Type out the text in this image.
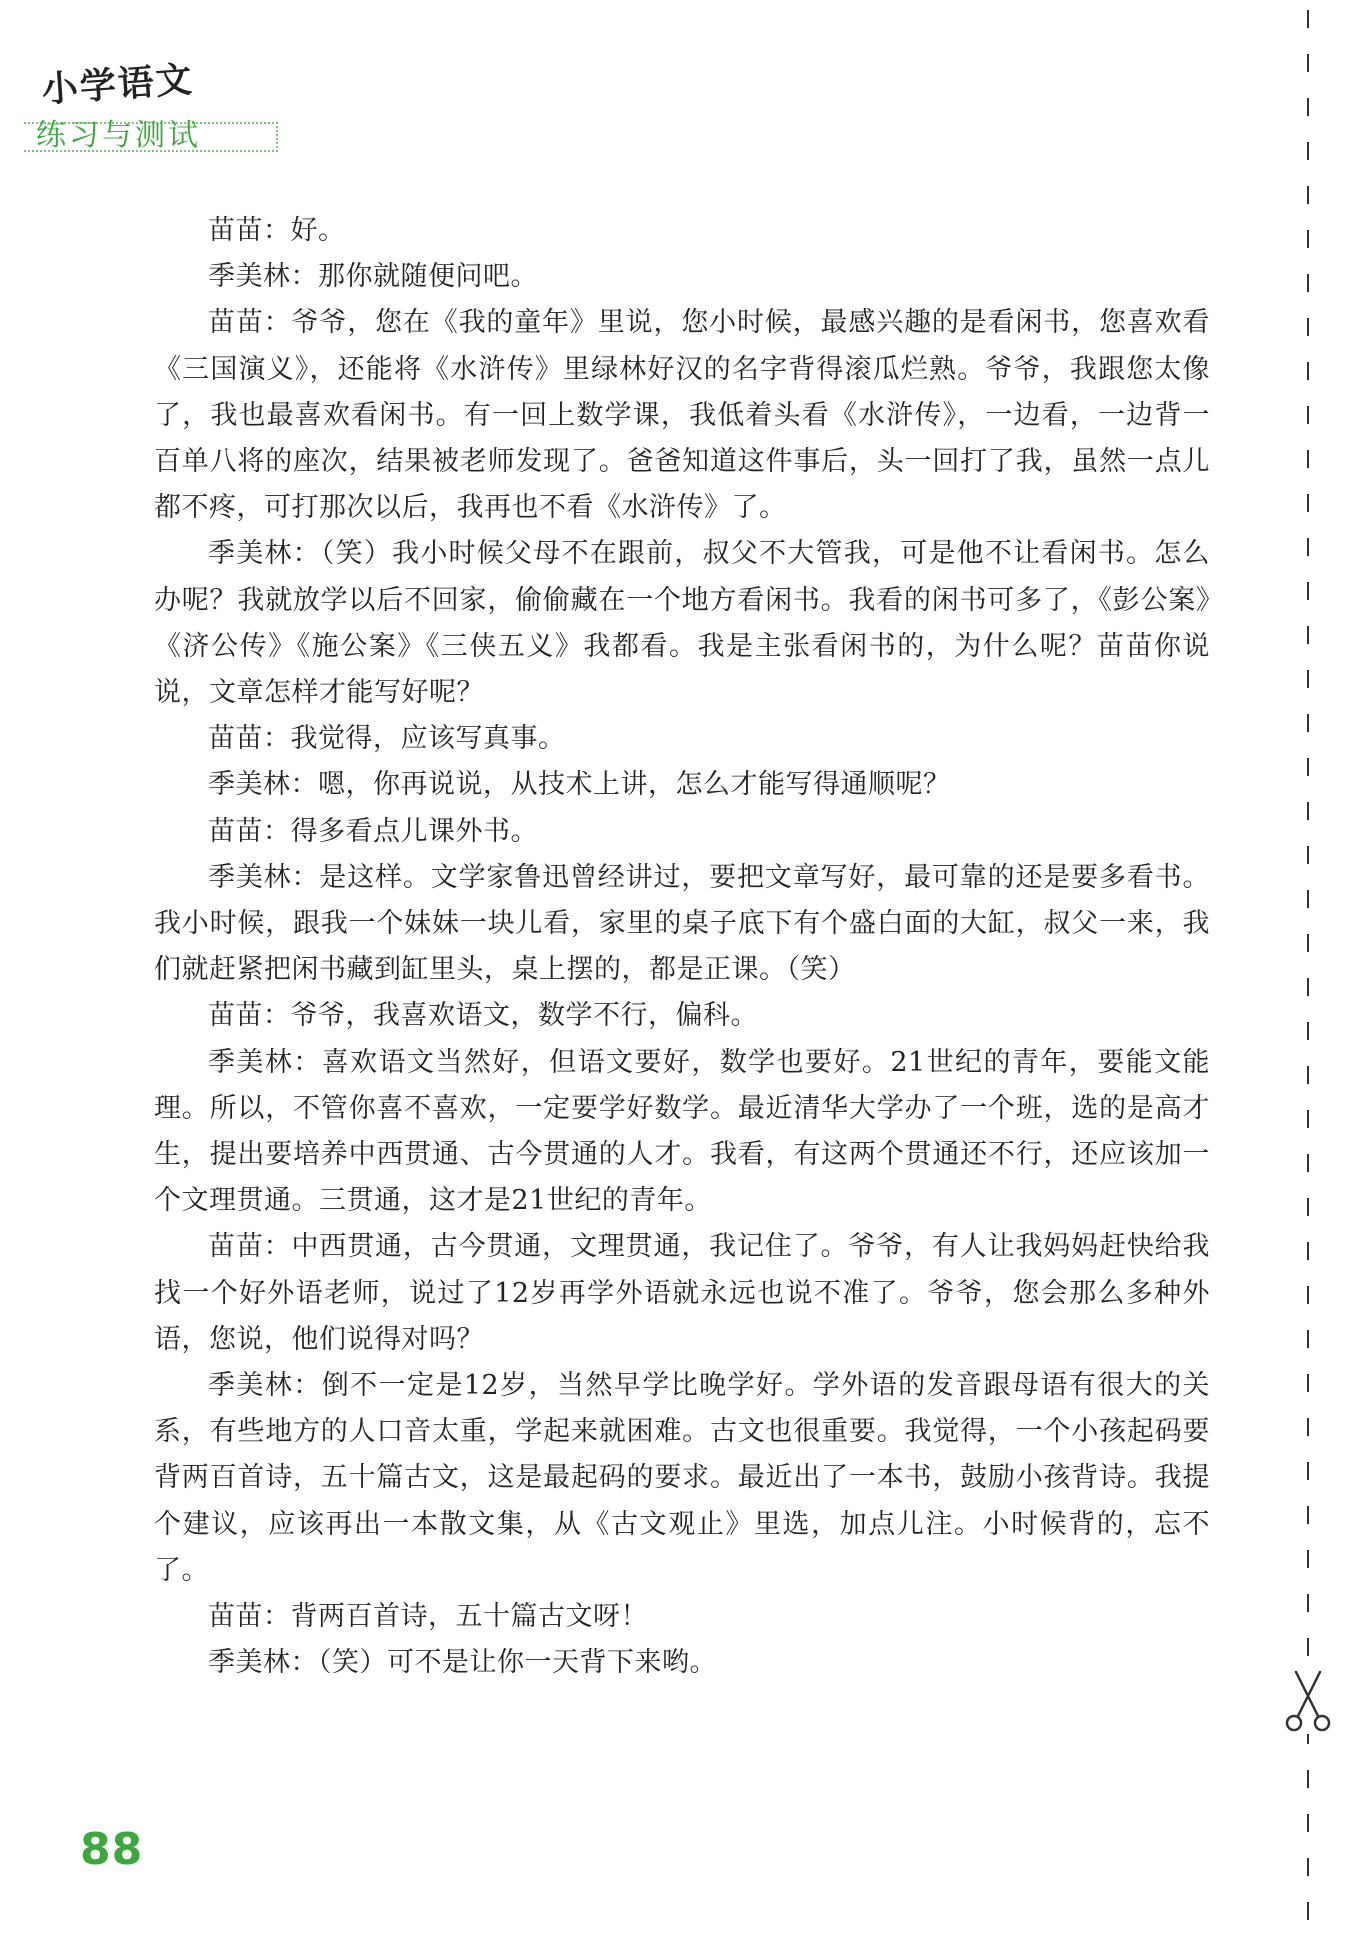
小学语文
练习与测试

苗苗：好。

季美林：那你就随便问吧。

苗苗：爷爷，您在《我的童年》里说，您小时候，最感兴趣的是看闲书，您喜欢看《三国演义》，还能将《水浒传》里绿林好汉的名字背得滚瓜烂熟。爷爷，我跟您太像了，我也最喜欢看闲书。有一回上数学课，我低着头看《水浒传》，一边看，一边背一百单八将的座次，结果被老师发现了。爸爸知道这件事后，头一回打了我，虽然一点儿都不疼，可打那次以后，我再也不看《水浒传》了。

季美林：（笑）我小时候父母不在跟前，叔父不大管我，可是他不让看闲书。怎么办呢？我就放学以后不回家，偷偷藏在一个地方看闲书。我看的闲书可多了，《彭公案》《济公传》《施公案》《三侠五义》我都看。我是主张看闲书的，为什么呢？苗苗你说说，文章怎样才能写好呢？

苗苗：我觉得，应该写真事。

季美林：嗯，你再说说，从技术上讲，怎么才能写得通顺呢？

苗苗：得多看点儿课外书。

季美林：是这样。文学家鲁迅曾经讲过，要把文章写好，最可靠的还是要多看书。我小时候，跟我一个妹妹一块儿看，家里的桌子底下有个盛白面的大缸，叔父一来，我们就赶紧把闲书藏到缸里头，桌上摆的，都是正课。（笑）

苗苗：爷爷，我喜欢语文，数学不行，偏科。

季美林：喜欢语文当然好，但语文要好，数学也要好。21世纪的青年，要能文能理。所以，不管你喜不喜欢，一定要学好数学。最近清华大学办了一个班，选的是高才生，提出要培养中西贯通、古今贯通的人才。我看，有这两个贯通还不行，还应该加一个文理贯通。三贯通，这才是21世纪的青年。

苗苗：中西贯通，古今贯通，文理贯通，我记住了。爷爷，有人让我妈妈赶快给我找一个好外语老师，说过了12岁再学外语就永远也说不准了。爷爷，您会那么多种外语，您说，他们说得对吗？

季美林：倒不一定是12岁，当然早学比晚学好。学外语的发音跟母语有很大的关系，有些地方的人口音太重，学起来就困难。古文也很重要。我觉得，一个小孩起码要背两百首诗，五十篇古文，这是最起码的要求。最近出了一本书，鼓励小孩背诗。我提个建议，应该再出一本散文集，从《古文观止》里选，加点儿注。小时候背的，忘不了。

苗苗：背两百首诗，五十篇古文呀！

季美林：（笑）可不是让你一天背下来哟。

88
